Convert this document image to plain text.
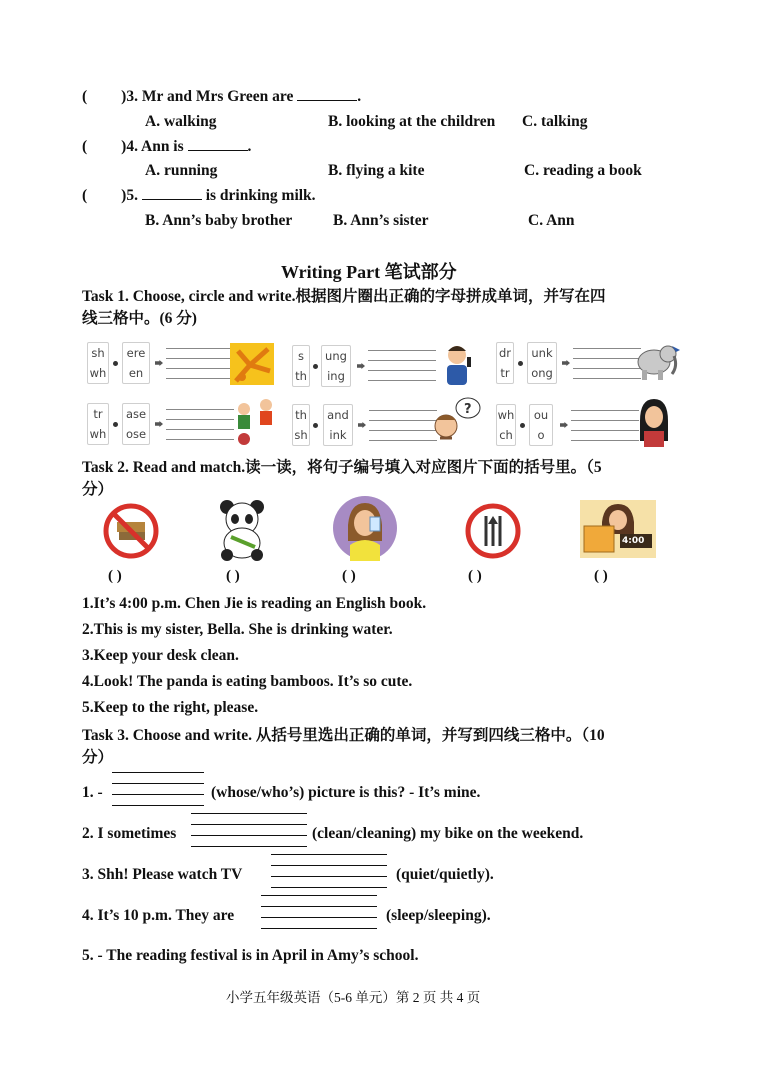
( )3. Mr and Mrs Green are	.
A. walking	B. looking at the children C. talking
( )4. Ann is	.
A. running	B. flying a kite	C. reading a book
( )5.	is drinking milk.
B. Ann’s baby brother	B. Ann’s sister	C. Ann
Writing Part 笔试部分
Task 1. Choose, circle and write.根据图片圈出正确的字母拼成单词，并写在四
线三格中。(6 分)
sh
wh
ere
en
s
th
ung
ing
dr
tr
unk
ong
tr
wh
ase
ose
th
sh
and
ink
? wh
ch
ou
o
Task 2. Read and match.读一读，将句子编号填入对应图片下面的括号里。（5
分）
4:00
( )	( )	( )	( )	( )
1.It’s 4:00 p.m. Chen Jie is reading an English book.
2.This is my sister, Bella. She is drinking water.
3.Keep your desk clean.
4.Look! The panda is eating bamboos. It’s so cute.
5.Keep to the right, please.
Task 3. Choose and write. 从括号里选出正确的单词，并写到四线三格中。（10
分）
1. -	(whose/who’s) picture is this? - It’s mine.
2. I sometimes	(clean/cleaning) my bike on the weekend.
3. Shh! Please watch TV	(quiet/quietly).
4. It’s 10 p.m. They are	(sleep/sleeping).
5. - The reading festival is in April in Amy’s school.
小学五年级英语（5-6 单元）第 2 页 共 4 页
